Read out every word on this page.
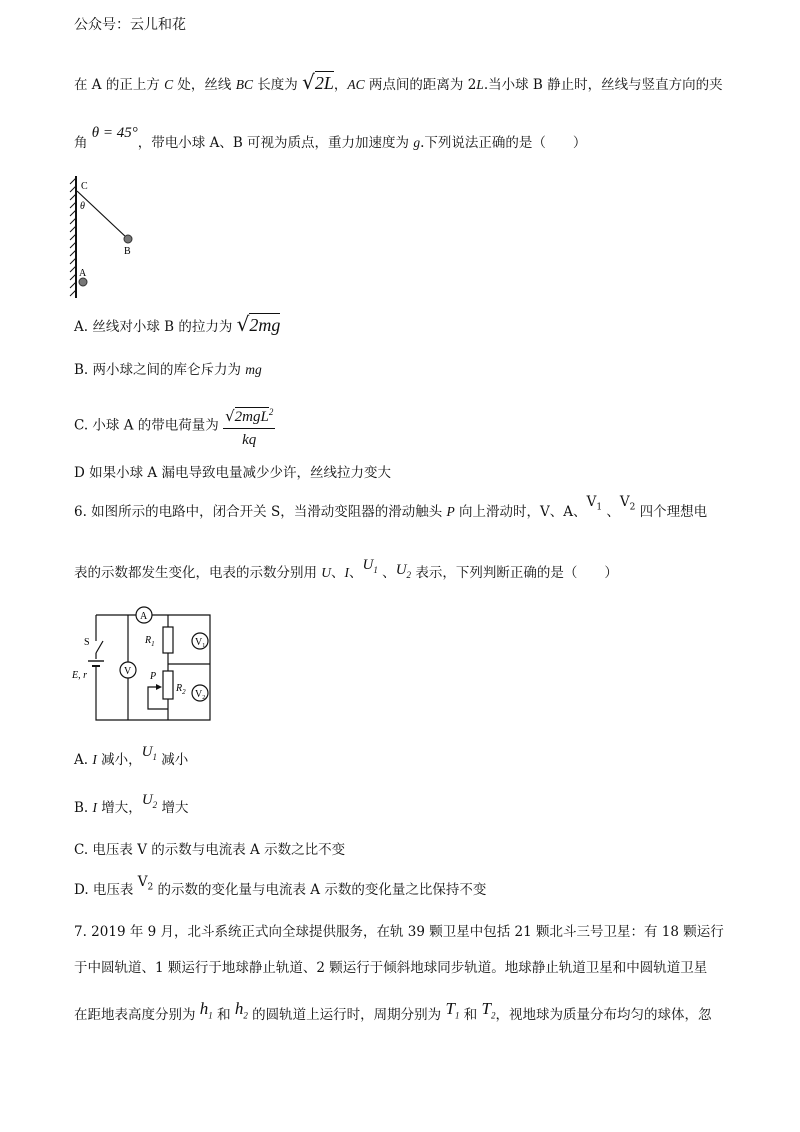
公众号：云儿和花
在 A 的正上方 C 处，丝线 BC 长度为 √2L，AC 两点间的距离为 2L.当小球 B 静止时，丝线与竖直方向的夹
角 θ = 45°，带电小球 A、B 可视为质点，重力加速度为 g.下列说法正确的是（　　）
C
θ
B
A
A. 丝线对小球 B 的拉力为 √2mg
B. 两小球之间的库仑斥力为 mg
C. 小球 A 的带电荷量为 $\frac{√2mgL^2}{kq}$
D 如果小球 A 漏电导致电量减少少许，丝线拉力变大
6. 如图所示的电路中，闭合开关 S，当滑动变阻器的滑动触头 P 向上滑动时，V、A、$V_1$ 、$V_2$ 四个理想电
表的示数都发生变化，电表的示数分别用 U、I、$U_1$ 、$U_2$ 表示，下列判断正确的是（　　）
A
S
E, r	V
$R_1$	$V_1$
P
$R_2$ $V_2$
A. I 减小，$U_1$ 减小
B. I 增大，$U_2$ 增大
C. 电压表 V 的示数与电流表 A 示数之比不变
D. 电压表 $V_2$ 的示数的变化量与电流表 A 示数的变化量之比保持不变
7. 2019 年 9 月，北斗系统正式向全球提供服务，在轨 39 颗卫星中包括 21 颗北斗三号卫星：有 18 颗运行
于中圆轨道、1 颗运行于地球静止轨道、2 颗运行于倾斜地球同步轨道。地球静止轨道卫星和中圆轨道卫星
在距地表高度分别为 $h_1$ 和 $h_2$ 的圆轨道上运行时，周期分别为 $T_1$ 和 $T_2$，视地球为质量分布均匀的球体，忽
